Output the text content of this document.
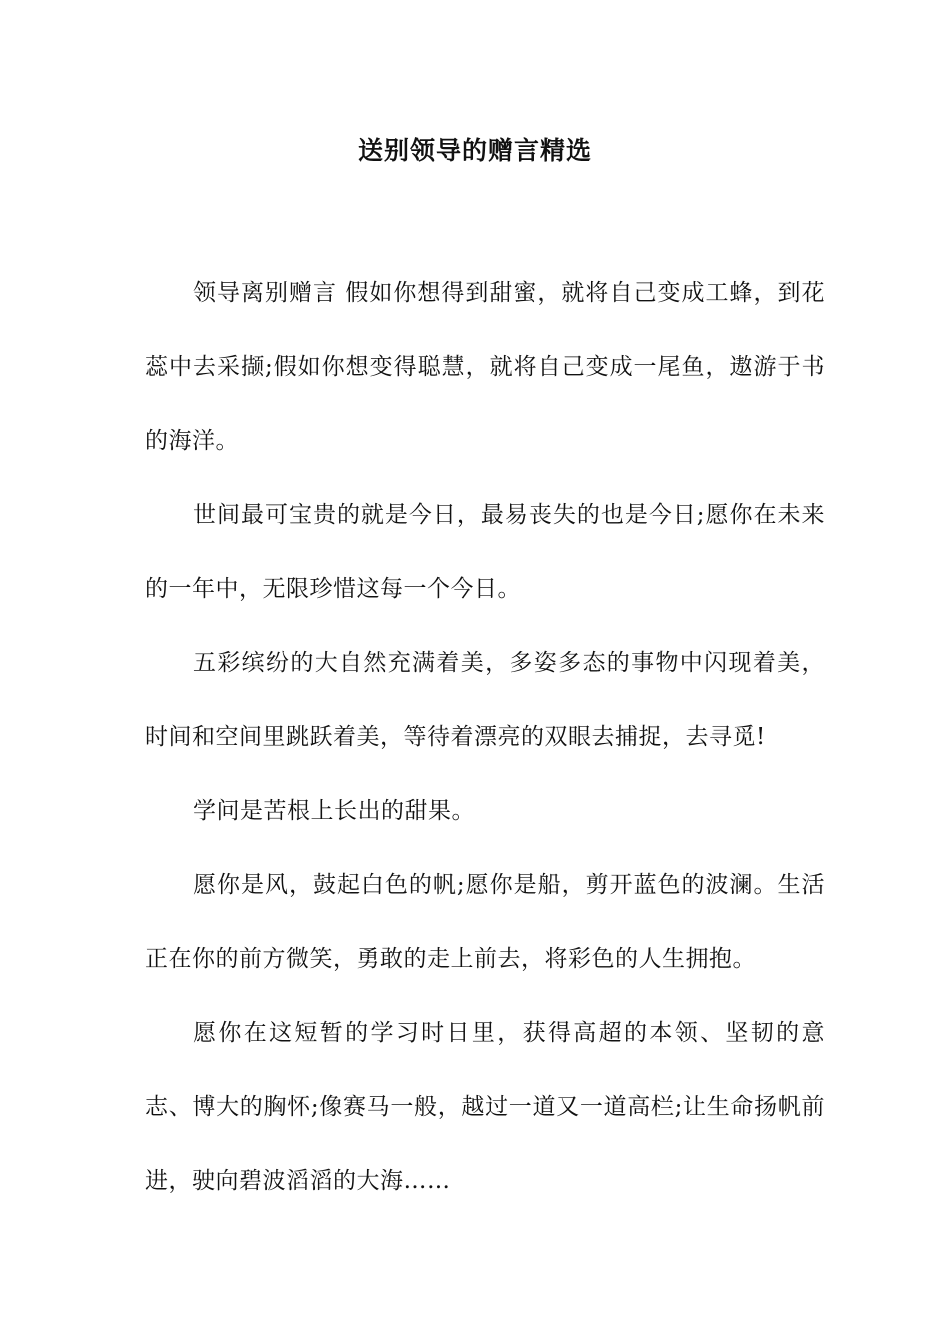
送别领导的赠言精选

领导离别赠言 假如你想得到甜蜜，就将自己变成工蜂，到花蕊中去采撷;假如你想变得聪慧，就将自己变成一尾鱼，遨游于书的海洋。

世间最可宝贵的就是今日，最易丧失的也是今日;愿你在未来的一年中，无限珍惜这每一个今日。

五彩缤纷的大自然充满着美，多姿多态的事物中闪现着美，时间和空间里跳跃着美，等待着漂亮的双眼去捕捉，去寻觅!

学问是苦根上长出的甜果。

愿你是风，鼓起白色的帆;愿你是船，剪开蓝色的波澜。生活正在你的前方微笑，勇敢的走上前去，将彩色的人生拥抱。

愿你在这短暂的学习时日里，获得高超的本领、坚韧的意志、博大的胸怀;像赛马一般，越过一道又一道高栏;让生命扬帆前进，驶向碧波滔滔的大海……
